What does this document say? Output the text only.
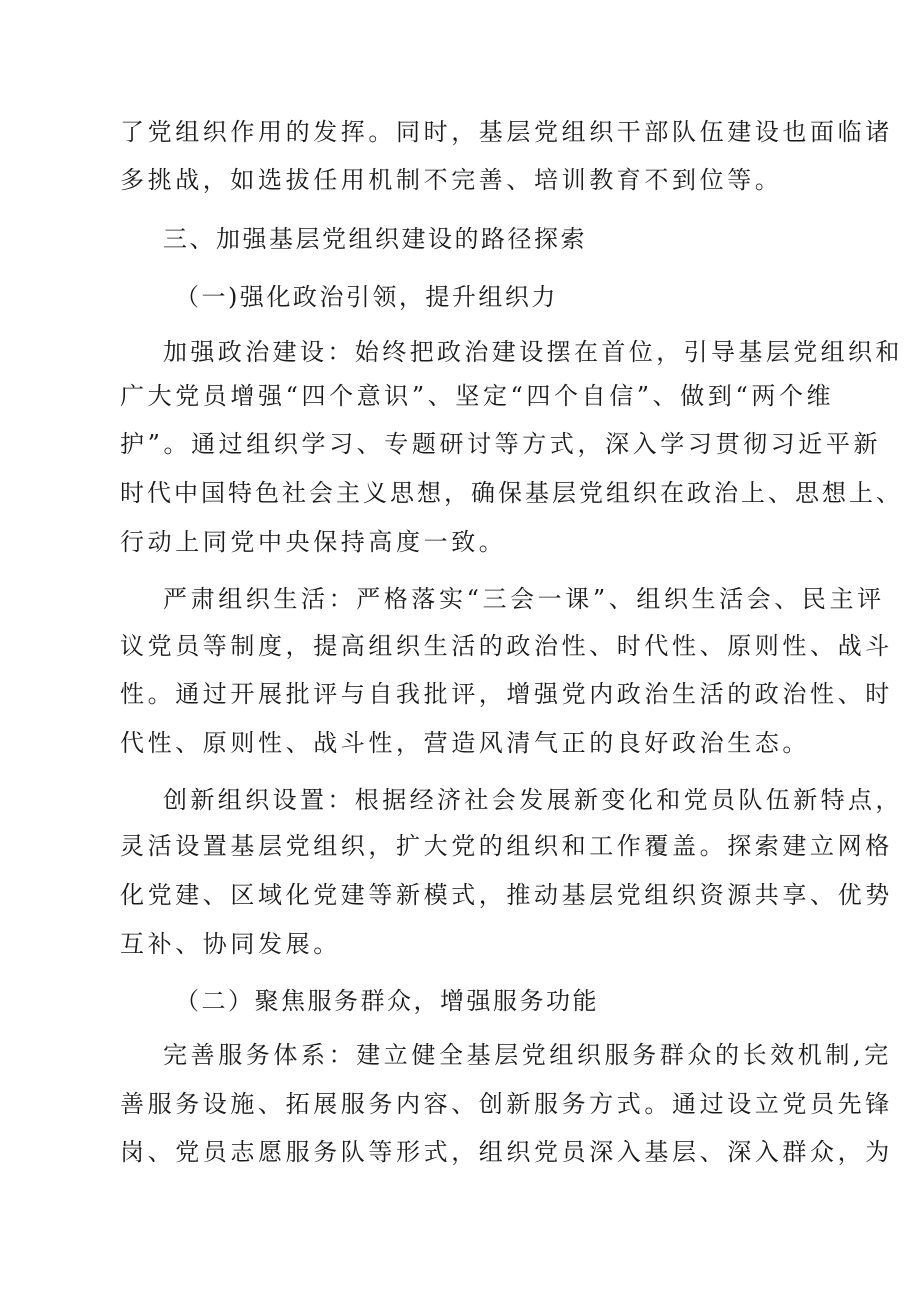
了党组织作用的发挥。同时，基层党组织干部队伍建设也面临诸
多挑战，如选拔任用机制不完善、培训教育不到位等。
三、加强基层党组织建设的路径探索
（一)强化政治引领，提升组织力
加强政治建设：始终把政治建设摆在首位，引导基层党组织和
广大党员增强“四个意识”、坚定“四个自信”、做到“两个维
护”。通过组织学习、专题研讨等方式，深入学习贯彻习近平新
时代中国特色社会主义思想，确保基层党组织在政治上、思想上、
行动上同党中央保持高度一致。
严肃组织生活：严格落实“三会一课”、组织生活会、民主评
议党员等制度，提高组织生活的政治性、时代性、原则性、战斗
性。通过开展批评与自我批评，增强党内政治生活的政治性、时
代性、原则性、战斗性，营造风清气正的良好政治生态。
创新组织设置：根据经济社会发展新变化和党员队伍新特点，
灵活设置基层党组织，扩大党的组织和工作覆盖。探索建立网格
化党建、区域化党建等新模式，推动基层党组织资源共享、优势
互补、协同发展。
（二）聚焦服务群众，增强服务功能
完善服务体系：建立健全基层党组织服务群众的长效机制,完
善服务设施、拓展服务内容、创新服务方式。通过设立党员先锋
岗、党员志愿服务队等形式，组织党员深入基层、深入群众，为
